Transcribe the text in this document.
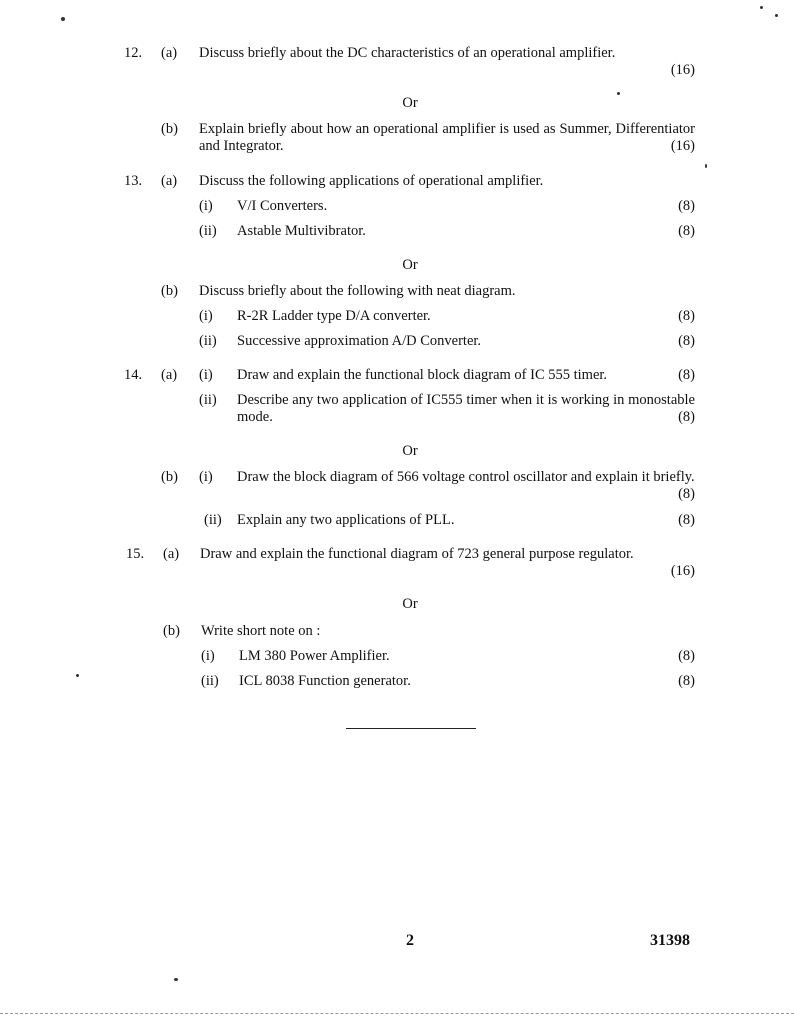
12. (a) Discuss briefly about the DC characteristics of an operational amplifier.
(16)
Or
(b) Explain briefly about how an operational amplifier is used as Summer, Differentiator and Integrator.	(16)
13. (a) Discuss the following applications of operational amplifier.
(i) V/I Converters.	(8)
(ii) Astable Multivibrator.	(8)
Or
(b) Discuss briefly about the following with neat diagram.
(i) R-2R Ladder type D/A converter.	(8)
(ii) Successive approximation A/D Converter.	(8)
14. (a) (i) Draw and explain the functional block diagram of IC 555 timer.	(8)
(ii) Describe any two application of IC555 timer when it is working in monostable mode.	(8)
Or
(b) (i) Draw the block diagram of 566 voltage control oscillator and explain it briefly.
(8)
(ii) Explain any two applications of PLL.	(8)
15. (a) Draw and explain the functional diagram of 723 general purpose regulator.
(16)
Or
(b) Write short note on :
(i) LM 380 Power Amplifier.	(8)
(ii) ICL 8038 Function generator.	(8)
2	31398
